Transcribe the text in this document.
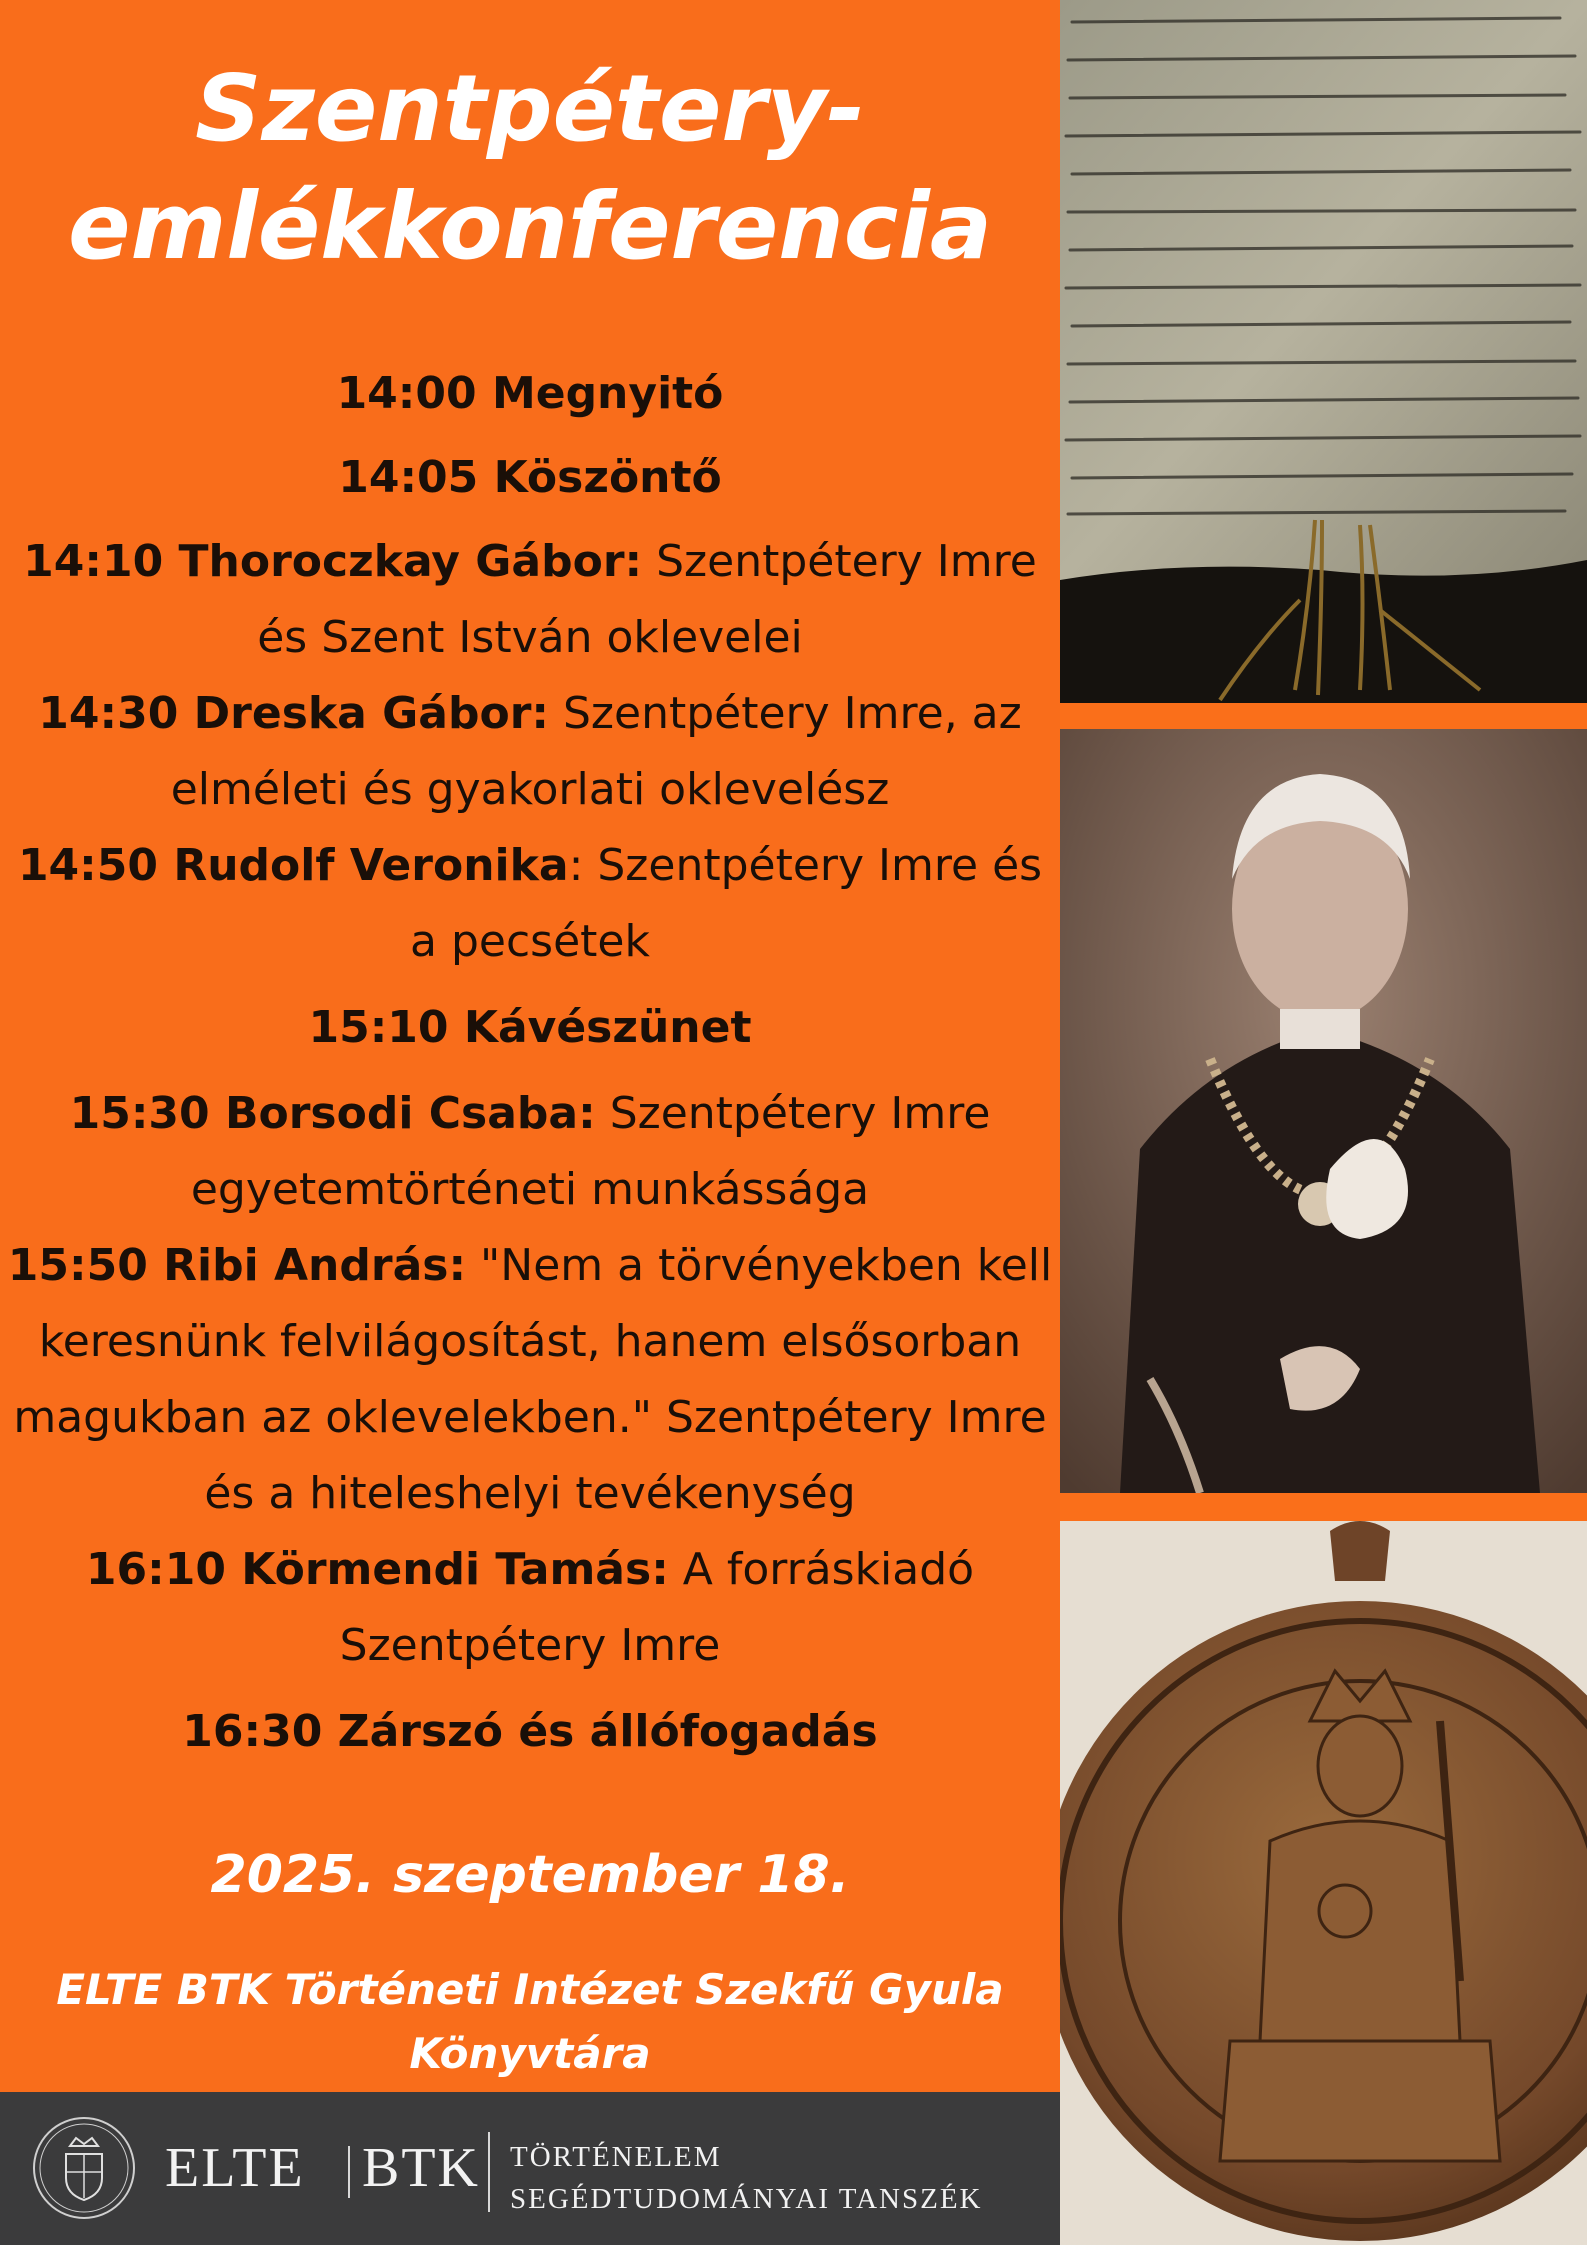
Szentpétery-
emlékkonferencia

14:00 Megnyitó

14:05 Köszöntő

14:10 Thoroczkay Gábor: Szentpétery Imre és Szent István oklevelei

14:30 Dreska Gábor: Szentpétery Imre, az elméleti és gyakorlati oklevelész

14:50 Rudolf Veronika: Szentpétery Imre és a pecsétek

15:10 Kávészünet

15:30 Borsodi Csaba: Szentpétery Imre egyetemtörténeti munkássága

15:50 Ribi András: "Nem a törvényekben kell keresnünk felvilágosítást, hanem elsősorban magukban az oklevelekben." Szentpétery Imre és a hiteleshelyi tevékenység

16:10 Körmendi Tamás: A forráskiadó Szentpétery Imre

16:30 Zárszó és állófogadás

2025. szeptember 18.
ELTE BTK Történeti Intézet Szekfű Gyula Könyvtára
ELTE BTK TÖRTÉNELEM
SEGÉDTUDOMÁNYAI TANSZÉK
